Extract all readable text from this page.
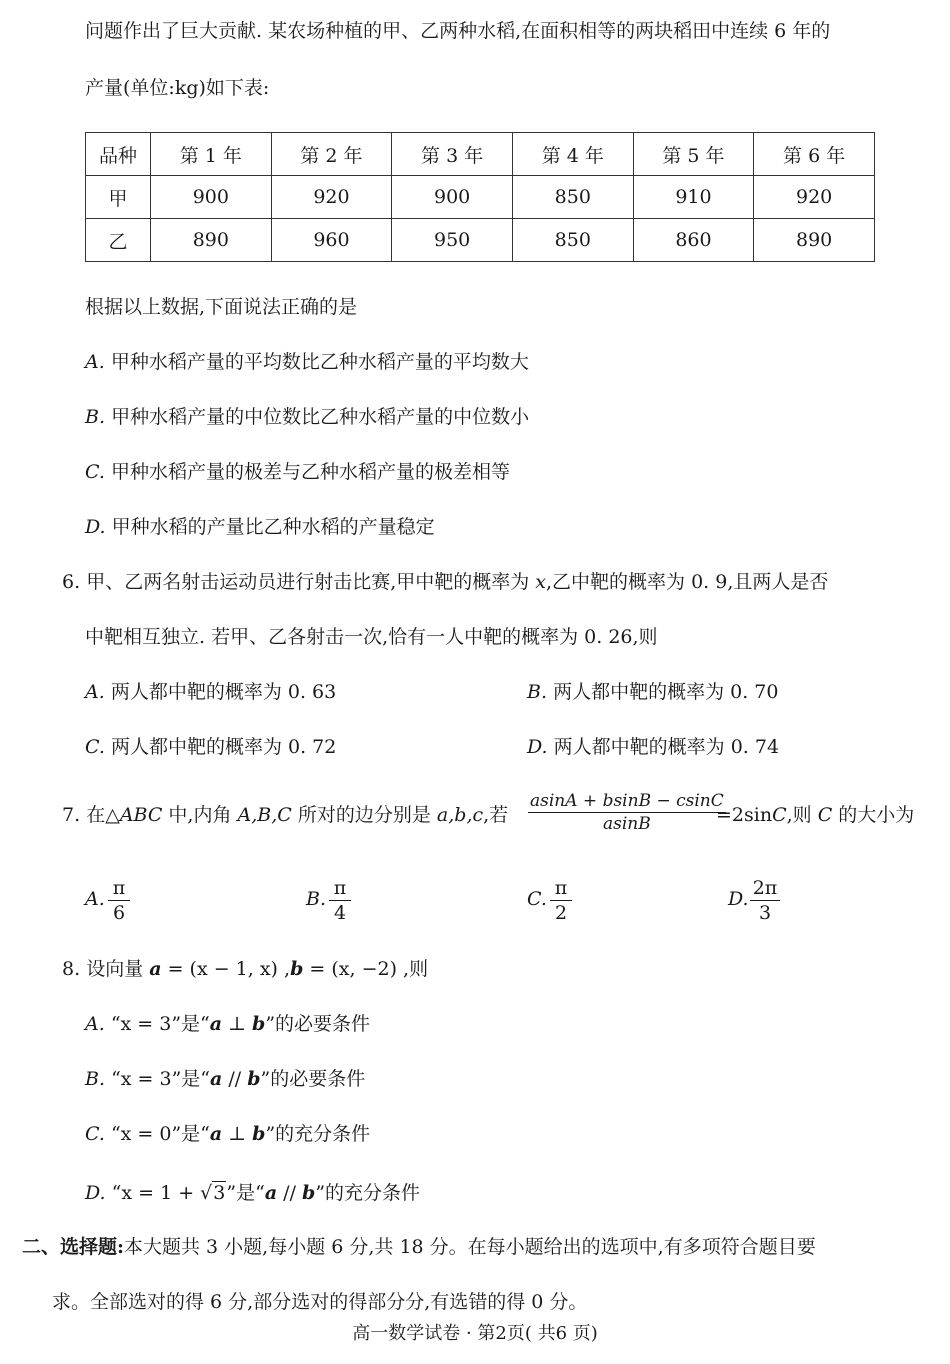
问题作出了巨大贡献. 某农场种植的甲、乙两种水稻,在面积相等的两块稻田中连续 6 年的
产量(单位:kg)如下表:
品种	第 1 年	第 2 年	第 3 年	第 4 年	第 5 年	第 6 年
甲	900	920	900	850	910	920
乙	890	960	950	850	860	890
根据以上数据,下面说法正确的是
A. 甲种水稻产量的平均数比乙种水稻产量的平均数大
B. 甲种水稻产量的中位数比乙种水稻产量的中位数小
C. 甲种水稻产量的极差与乙种水稻产量的极差相等
D. 甲种水稻的产量比乙种水稻的产量稳定
6. 甲、乙两名射击运动员进行射击比赛,甲中靶的概率为 x,乙中靶的概率为 0. 9,且两人是否
中靶相互独立. 若甲、乙各射击一次,恰有一人中靶的概率为 0. 26,则
A. 两人都中靶的概率为 0. 63	B. 两人都中靶的概率为 0. 70
C. 两人都中靶的概率为 0. 72	D. 两人都中靶的概率为 0. 74
7. 在△ABC 中,内角 A,B,C 所对的边分别是 a,b,c,若
asinA + bsinB − csinC
asinB	=2sinC,则 C 的大小为
A. π
6
B. π
4
C. π
2
D. 2π
3
8. 设向量 a = (x − 1, x) ,b = (x, −2) ,则
A. “x = 3”是“a ⊥ b”的必要条件
B. “x = 3”是“a // b”的必要条件
C. “x = 0”是“a ⊥ b”的充分条件
D. “x = 1 + √3”是“a // b”的充分条件
二、选择题:本大题共 3 小题,每小题 6 分,共 18 分。在每小题给出的选项中,有多项符合题目要
求。全部选对的得 6 分,部分选对的得部分分,有选错的得 0 分。
高一数学试卷 · 第2页( 共6 页)
